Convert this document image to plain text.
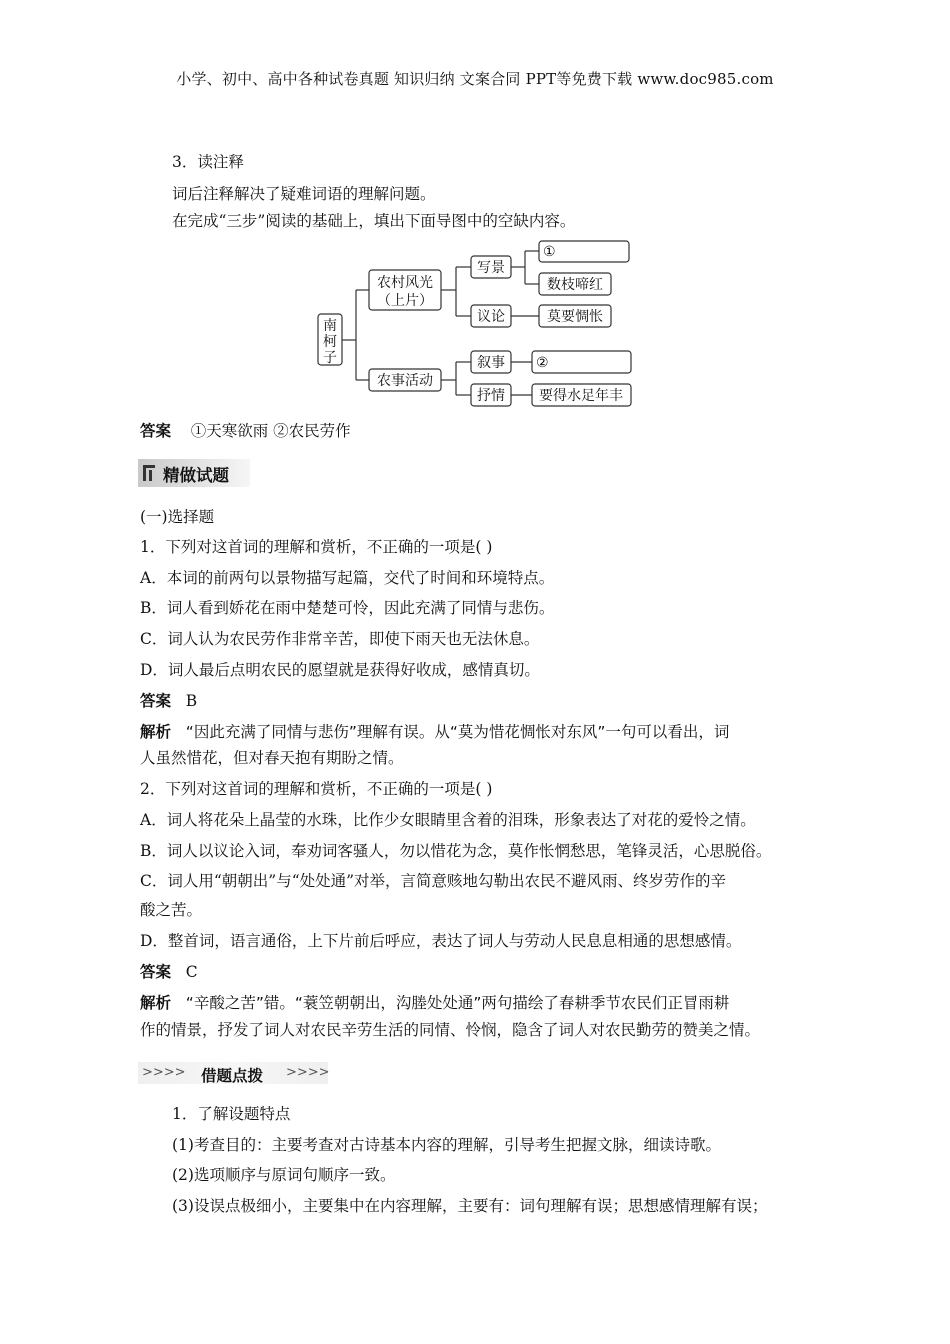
小学、初中、高中各种试卷真题 知识归纳 文案合同 PPT等免费下载 www.doc985.com
3．读注释
词后注释解决了疑难词语的理解问题。
在完成“三步”阅读的基础上，填出下面导图中的空缺内容。
南
柯
子
农村风光
（上片）
农事活动
写景
议论
叙事
抒情
①
数枝啼红
莫要惆怅
②
要得水足年丰
答案 ①天寒欲雨 ②农民劳作
精做试题
(一)选择题
1．下列对这首词的理解和赏析，不正确的一项是( )
A．本词的前两句以景物描写起篇，交代了时间和环境特点。
B．词人看到娇花在雨中楚楚可怜，因此充满了同情与悲伤。
C．词人认为农民劳作非常辛苦，即使下雨天也无法休息。
D．词人最后点明农民的愿望就是获得好收成，感情真切。
答案 B
解析 “因此充满了同情与悲伤”理解有误。从“莫为惜花惆怅对东风”一句可以看出，词
人虽然惜花，但对春天抱有期盼之情。
2．下列对这首词的理解和赏析，不正确的一项是( )
A．词人将花朵上晶莹的水珠，比作少女眼睛里含着的泪珠，形象表达了对花的爱怜之情。
B．词人以议论入词，奉劝词客骚人，勿以惜花为念，莫作怅惘愁思，笔锋灵活，心思脱俗。
C．词人用“朝朝出”与“处处通”对举，言简意赅地勾勒出农民不避风雨、终岁劳作的辛
酸之苦。
D．整首词，语言通俗，上下片前后呼应，表达了词人与劳动人民息息相通的思想感情。
答案 C
解析 “辛酸之苦”错。“蓑笠朝朝出，沟塍处处通”两句描绘了春耕季节农民们正冒雨耕
作的情景，抒发了词人对农民辛劳生活的同情、怜悯，隐含了词人对农民勤劳的赞美之情。
>>>> 借题点拨 >>>>
1．了解设题特点
(1)考查目的：主要考查对古诗基本内容的理解，引导考生把握文脉，细读诗歌。
(2)选项顺序与原词句顺序一致。
(3)设误点极细小，主要集中在内容理解，主要有：词句理解有误；思想感情理解有误；
